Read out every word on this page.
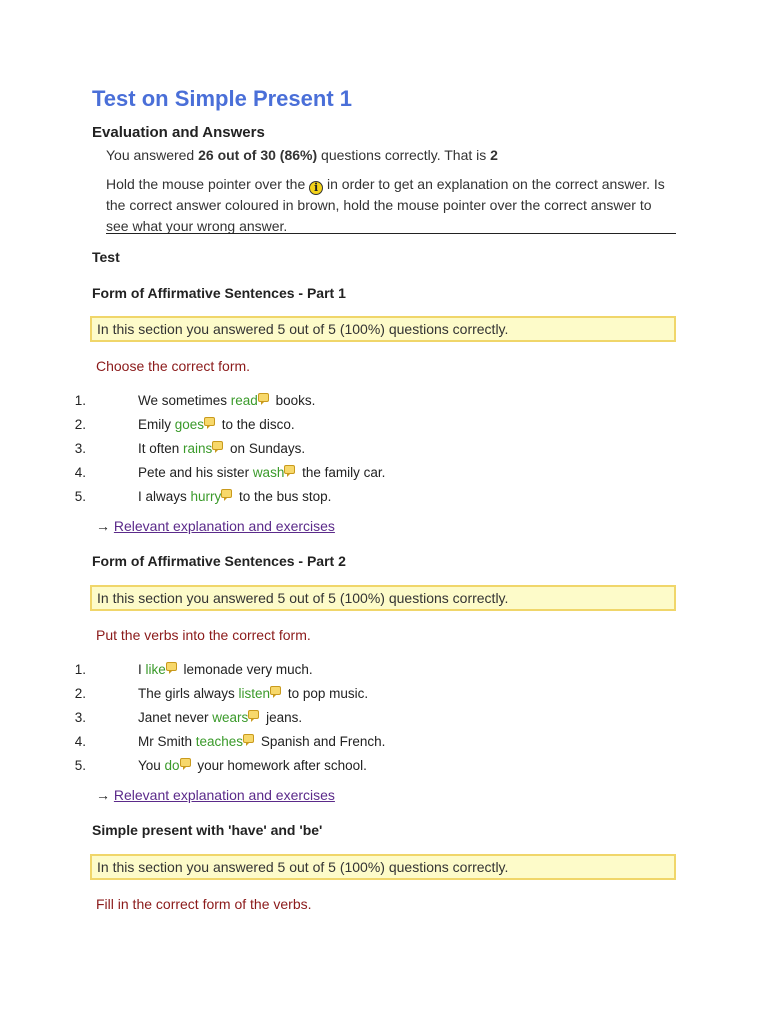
Test on Simple Present 1
Evaluation and Answers
You answered 26 out of 30 (86%) questions correctly. That is 2
Hold the mouse pointer over the i in order to get an explanation on the correct answer. Is the correct answer coloured in brown, hold the mouse pointer over the correct answer to see what your wrong answer.
Test
Form of Affirmative Sentences - Part 1
In this section you answered 5 out of 5 (100%) questions correctly.
Choose the correct form.
1.	We sometimes read books.
2.	Emily goes to the disco.
3.	It often rains on Sundays.
4.	Pete and his sister wash the family car.
5.	I always hurry to the bus stop.
→ Relevant explanation and exercises
Form of Affirmative Sentences - Part 2
In this section you answered 5 out of 5 (100%) questions correctly.
Put the verbs into the correct form.
1.	I like lemonade very much.
2.	The girls always listen to pop music.
3.	Janet never wears jeans.
4.	Mr Smith teaches Spanish and French.
5.	You do your homework after school.
→ Relevant explanation and exercises
Simple present with 'have' and 'be'
In this section you answered 5 out of 5 (100%) questions correctly.
Fill in the correct form of the verbs.
